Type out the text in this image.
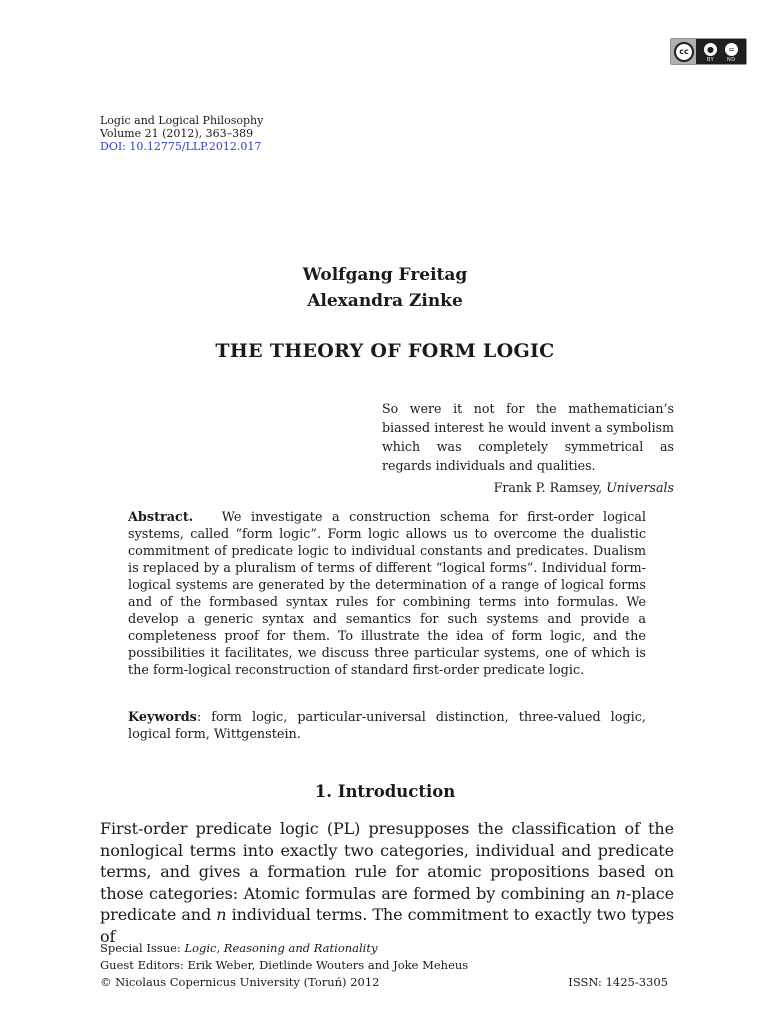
cc	●	=
BY	ND
Logic and Logical Philosophy
Volume 21 (2012), 363–389
DOI: 10.12775/LLP.2012.017
Wolfgang Freitag
Alexandra Zinke
THE THEORY OF FORM LOGIC
So were it not for the mathematician’s biassed interest he would invent a symbolism which was completely symmetrical as regards individuals and qualities.
Frank P. Ramsey, Universals
Abstract. We investigate a construction schema for first-order logical systems, called “form logic”. Form logic allows us to overcome the dualistic commitment of predicate logic to individual constants and predicates. Dualism is replaced by a pluralism of terms of different “logical forms”. Individual form-logical systems are generated by the determination of a range of logical forms and of the formbased syntax rules for combining terms into formulas. We develop a generic syntax and semantics for such systems and provide a completeness proof for them. To illustrate the idea of form logic, and the possibilities it facilitates, we discuss three particular systems, one of which is the form-logical reconstruction of standard first-order predicate logic.
Keywords: form logic, particular-universal distinction, three-valued logic, logical form, Wittgenstein.
1. Introduction
First-order predicate logic (PL) presupposes the classification of the nonlogical terms into exactly two categories, individual and predicate terms, and gives a formation rule for atomic propositions based on those categories: Atomic formulas are formed by combining an n-place predicate and n individual terms. The commitment to exactly two types of
Special Issue: Logic, Reasoning and Rationality
Guest Editors: Erik Weber, Dietlinde Wouters and Joke Meheus
© Nicolaus Copernicus University (Toruń) 2012	ISSN: 1425-3305
